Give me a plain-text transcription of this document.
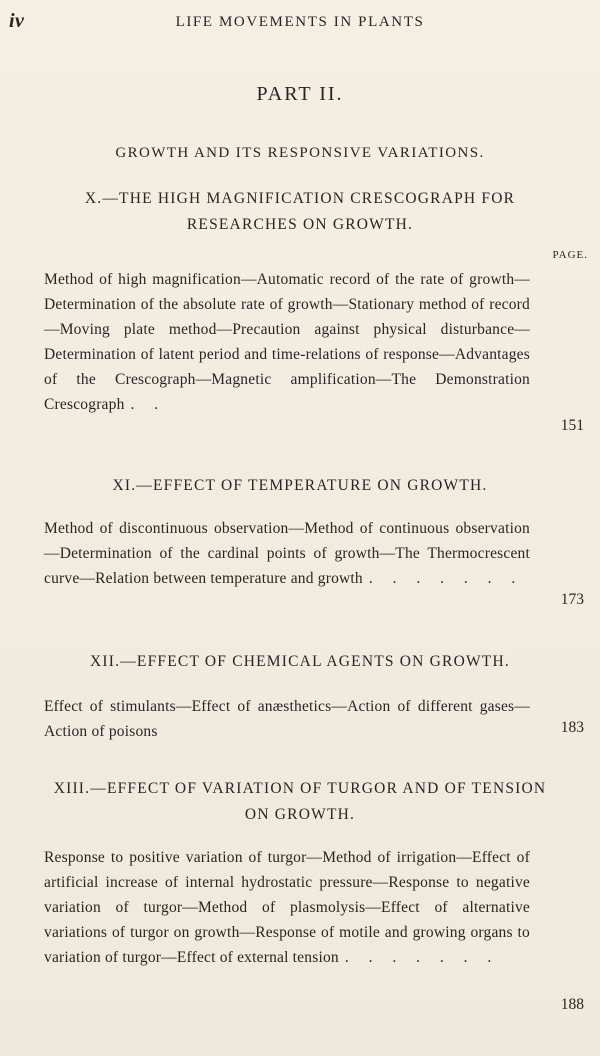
iv	LIFE MOVEMENTS IN PLANTS
PART II.
GROWTH AND ITS RESPONSIVE VARIATIONS.
X.—THE HIGH MAGNIFICATION CRESCOGRAPH FOR
RESEARCHES ON GROWTH.
PAGE.
Method of high magnification—Automatic record of the rate of growth—Determination of the absolute rate of growth—Stationary method of record—Moving plate method—Precaution against physical disturbance—Determination of latent period and time-relations of response—Advantages of the Crescograph—Magnetic amplification—The Demonstration Crescograph . .
151
XI.—EFFECT OF TEMPERATURE ON GROWTH.
Method of discontinuous observation—Method of continuous observation—Determination of the cardinal points of growth—The Thermocrescent curve—Relation between temperature and growth . . . . . . .
173
XII.—EFFECT OF CHEMICAL AGENTS ON GROWTH.
Effect of stimulants—Effect of anæsthetics—Action of different gases—Action of poisons	183
XIII.—EFFECT OF VARIATION OF TURGOR AND OF TENSION
ON GROWTH.
Response to positive variation of turgor—Method of irrigation—Effect of artificial increase of internal hydrostatic pressure—Response to negative variation of turgor—Method of plasmolysis—Effect of alternative variations of turgor on growth—Response of motile and growing organs to variation of turgor—Effect of external tension . . . . . . .
188
